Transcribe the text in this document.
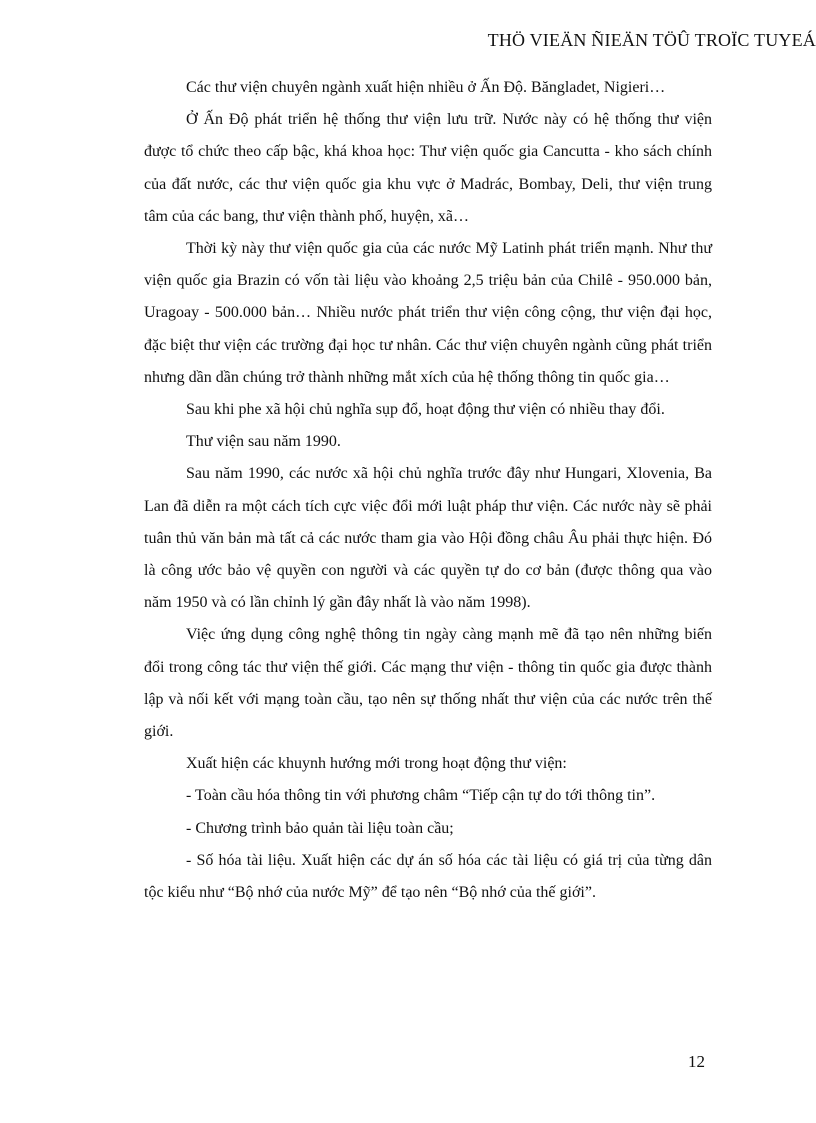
THÖ VIEÄN ÑIEÄN TÖÛ TROÏC TUYEÁ

Các thư viện chuyên ngành xuất hiện nhiều ở Ấn Độ. Băngladet, Nigieri…

Ở Ấn Độ phát triển hệ thống thư viện lưu trữ. Nước này có hệ thống thư viện được tổ chức theo cấp bậc, khá khoa học: Thư viện quốc gia Cancutta - kho sách chính của đất nước, các thư viện quốc gia khu vực ở Madrác, Bombay, Deli, thư viện trung tâm của các bang, thư viện thành phố, huyện, xã…

Thời kỳ này thư viện quốc gia của các nước Mỹ Latinh phát triển mạnh. Như thư viện quốc gia Brazin có vốn tài liệu vào khoảng 2,5 triệu bản của Chilê - 950.000 bản, Uragoay - 500.000 bản… Nhiều nước phát triển thư viện công cộng, thư viện đại học, đặc biệt thư viện các trường đại học tư nhân. Các thư viện chuyên ngành cũng phát triển nhưng dần dần chúng trở thành những mắt xích của hệ thống thông tin quốc gia…

Sau khi phe xã hội chủ nghĩa sụp đổ, hoạt động thư viện có nhiều thay đổi.

Thư viện sau năm 1990.

Sau năm 1990, các nước xã hội chủ nghĩa trước đây như Hungari, Xlovenia, Ba Lan đã diễn ra một cách tích cực việc đổi mới luật pháp thư viện. Các nước này sẽ phải tuân thủ văn bản mà tất cả các nước tham gia vào Hội đồng châu Âu phải thực hiện. Đó là công ước bảo vệ quyền con người và các quyền tự do cơ bản (được thông qua vào năm 1950 và có lần chỉnh lý gần đây nhất là vào năm 1998).

Việc ứng dụng công nghệ thông tin ngày càng mạnh mẽ đã tạo nên những biến đổi trong công tác thư viện thế giới. Các mạng thư viện - thông tin quốc gia được thành lập và nối kết với mạng toàn cầu, tạo nên sự thống nhất thư viện của các nước trên thế giới.

Xuất hiện các khuynh hướng mới trong hoạt động thư viện:

- Toàn cầu hóa thông tin với phương châm “Tiếp cận tự do tới thông tin”.

- Chương trình bảo quản tài liệu toàn cầu;

- Số hóa tài liệu. Xuất hiện các dự án số hóa các tài liệu có giá trị của từng dân tộc kiểu như “Bộ nhớ của nước Mỹ” để tạo nên “Bộ nhớ của thế giới”.

12
